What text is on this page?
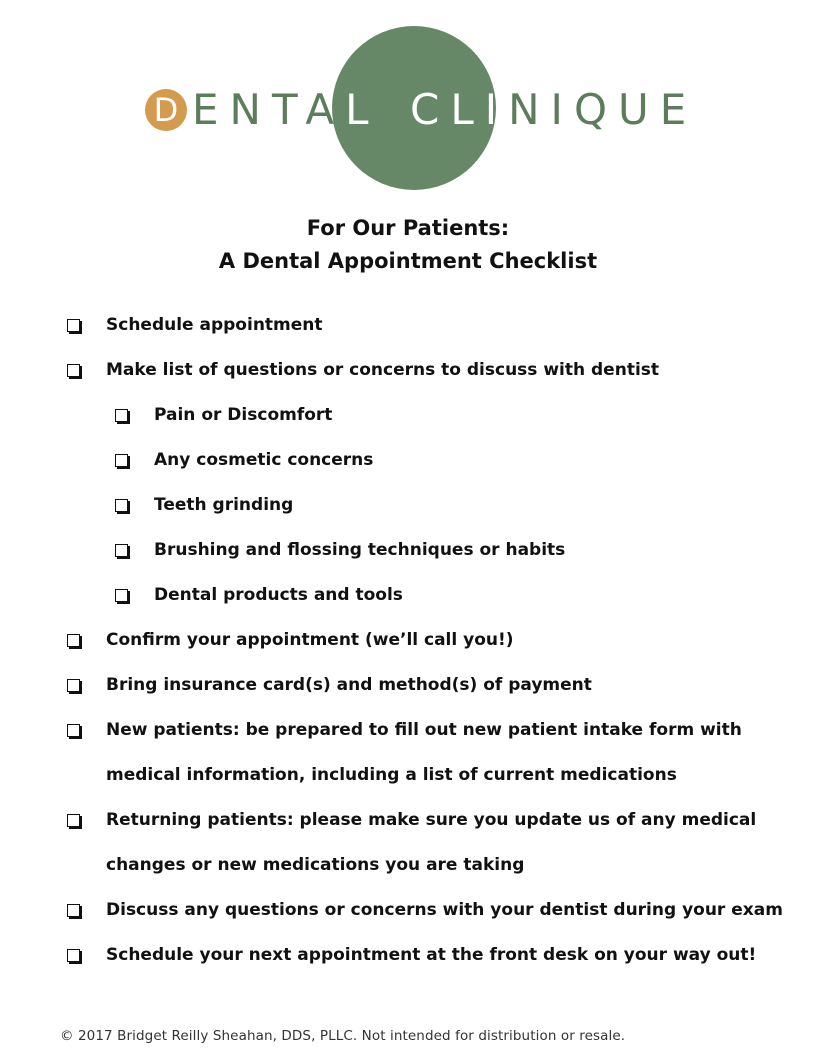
D ENTAL CLINIQUE
For Our Patients:
A Dental Appointment Checklist
Schedule appointment
Make list of questions or concerns to discuss with dentist
Pain or Discomfort
Any cosmetic concerns
Teeth grinding
Brushing and flossing techniques or habits
Dental products and tools
Confirm your appointment (we’ll call you!)
Bring insurance card(s) and method(s) of payment
New patients: be prepared to fill out new patient intake form with
medical information, including a list of current medications
Returning patients: please make sure you update us of any medical
changes or new medications you are taking
Discuss any questions or concerns with your dentist during your exam
Schedule your next appointment at the front desk on your way out!
© 2017 Bridget Reilly Sheahan, DDS, PLLC. Not intended for distribution or resale.
